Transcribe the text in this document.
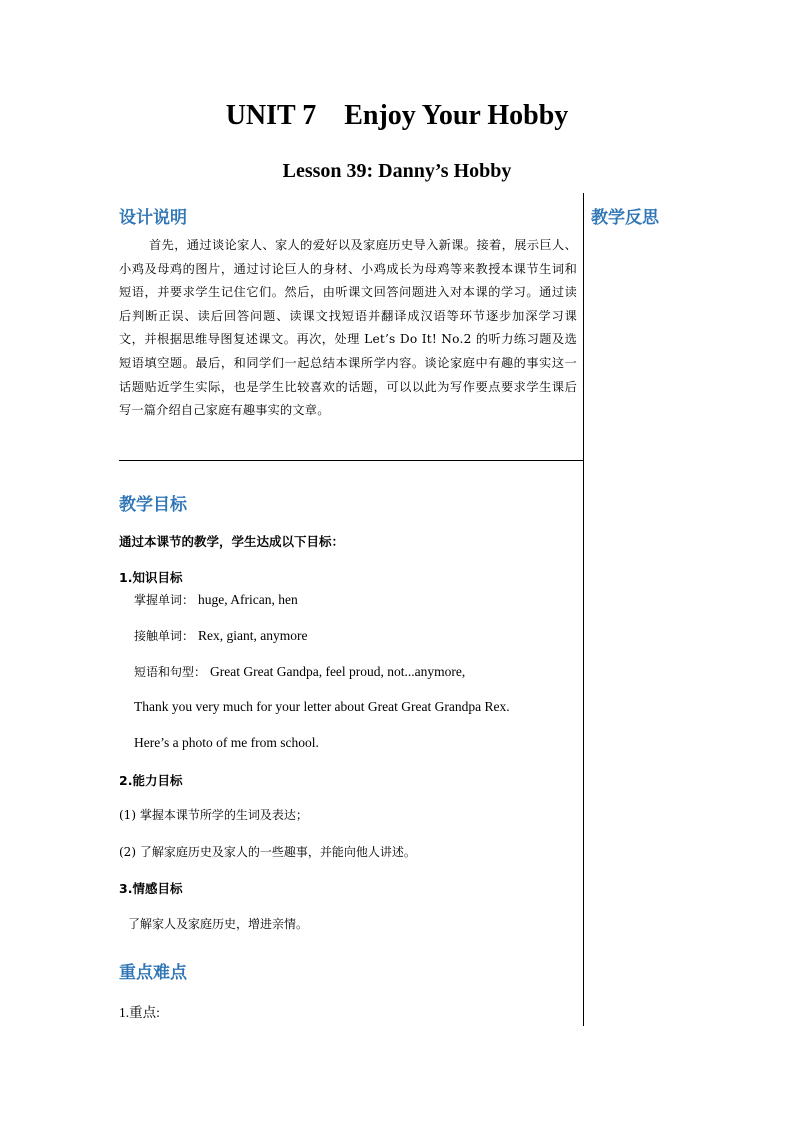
UNIT 7    Enjoy Your Hobby
Lesson 39: Danny’s Hobby
设计说明	教学反思
首先，通过谈论家人、家人的爱好以及家庭历史导入新课。接着，展示巨人、小鸡及母鸡的图片，通过讨论巨人的身材、小鸡成长为母鸡等来教授本课节生词和短语，并要求学生记住它们。然后，由听课文回答问题进入对本课的学习。通过读后判断正误、读后回答问题、读课文找短语并翻译成汉语等环节逐步加深学习课文，并根据思维导图复述课文。再次，处理 Let’s Do It! No.2 的听力练习题及选短语填空题。最后，和同学们一起总结本课所学内容。谈论家庭中有趣的事实这一话题贴近学生实际，也是学生比较喜欢的话题，可以以此为写作要点要求学生课后写一篇介绍自己家庭有趣事实的文章。
教学目标
通过本课节的教学，学生达成以下目标：
1.知识目标
掌握单词： huge, African, hen
接触单词： Rex, giant, anymore
短语和句型： Great Great Gandpa, feel proud, not...anymore,
Thank you very much for your letter about Great Great Grandpa Rex.
Here’s a photo of me from school.
2.能力目标
(1) 掌握本课节所学的生词及表达；
(2) 了解家庭历史及家人的一些趣事，并能向他人讲述。
3.情感目标
了解家人及家庭历史，增进亲情。
重点难点
1.重点:
